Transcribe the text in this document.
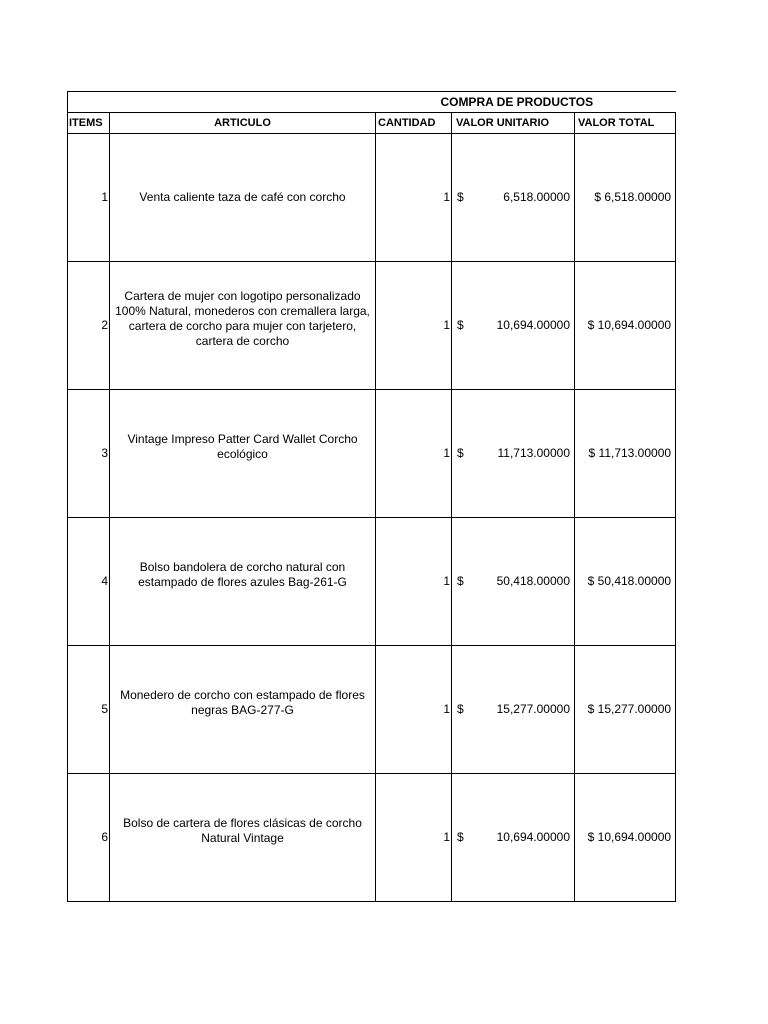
COMPRA DE PRODUCTOS				
ITEMS	ARTICULO	CANTIDAD	VALOR UNITARIO	VALOR TOTAL
1	Venta caliente taza de café con corcho	1	$ 6,518.00000	$ 6,518.00000
2	Cartera de mujer con logotipo personalizado 100% Natural, monederos con cremallera larga, cartera de corcho para mujer con tarjetero, cartera de corcho	1	$ 10,694.00000	$ 10,694.00000
3	Vintage Impreso Patter Card Wallet Corcho ecológico	1	$ 11,713.00000	$ 11,713.00000
4	Bolso bandolera de corcho natural con estampado de flores azules Bag-261-G	1	$ 50,418.00000	$ 50,418.00000
5	Monedero de corcho con estampado de flores negras BAG-277-G	1	$ 15,277.00000	$ 15,277.00000
6	Bolso de cartera de flores clásicas de corcho Natural Vintage	1	$ 10,694.00000	$ 10,694.00000
